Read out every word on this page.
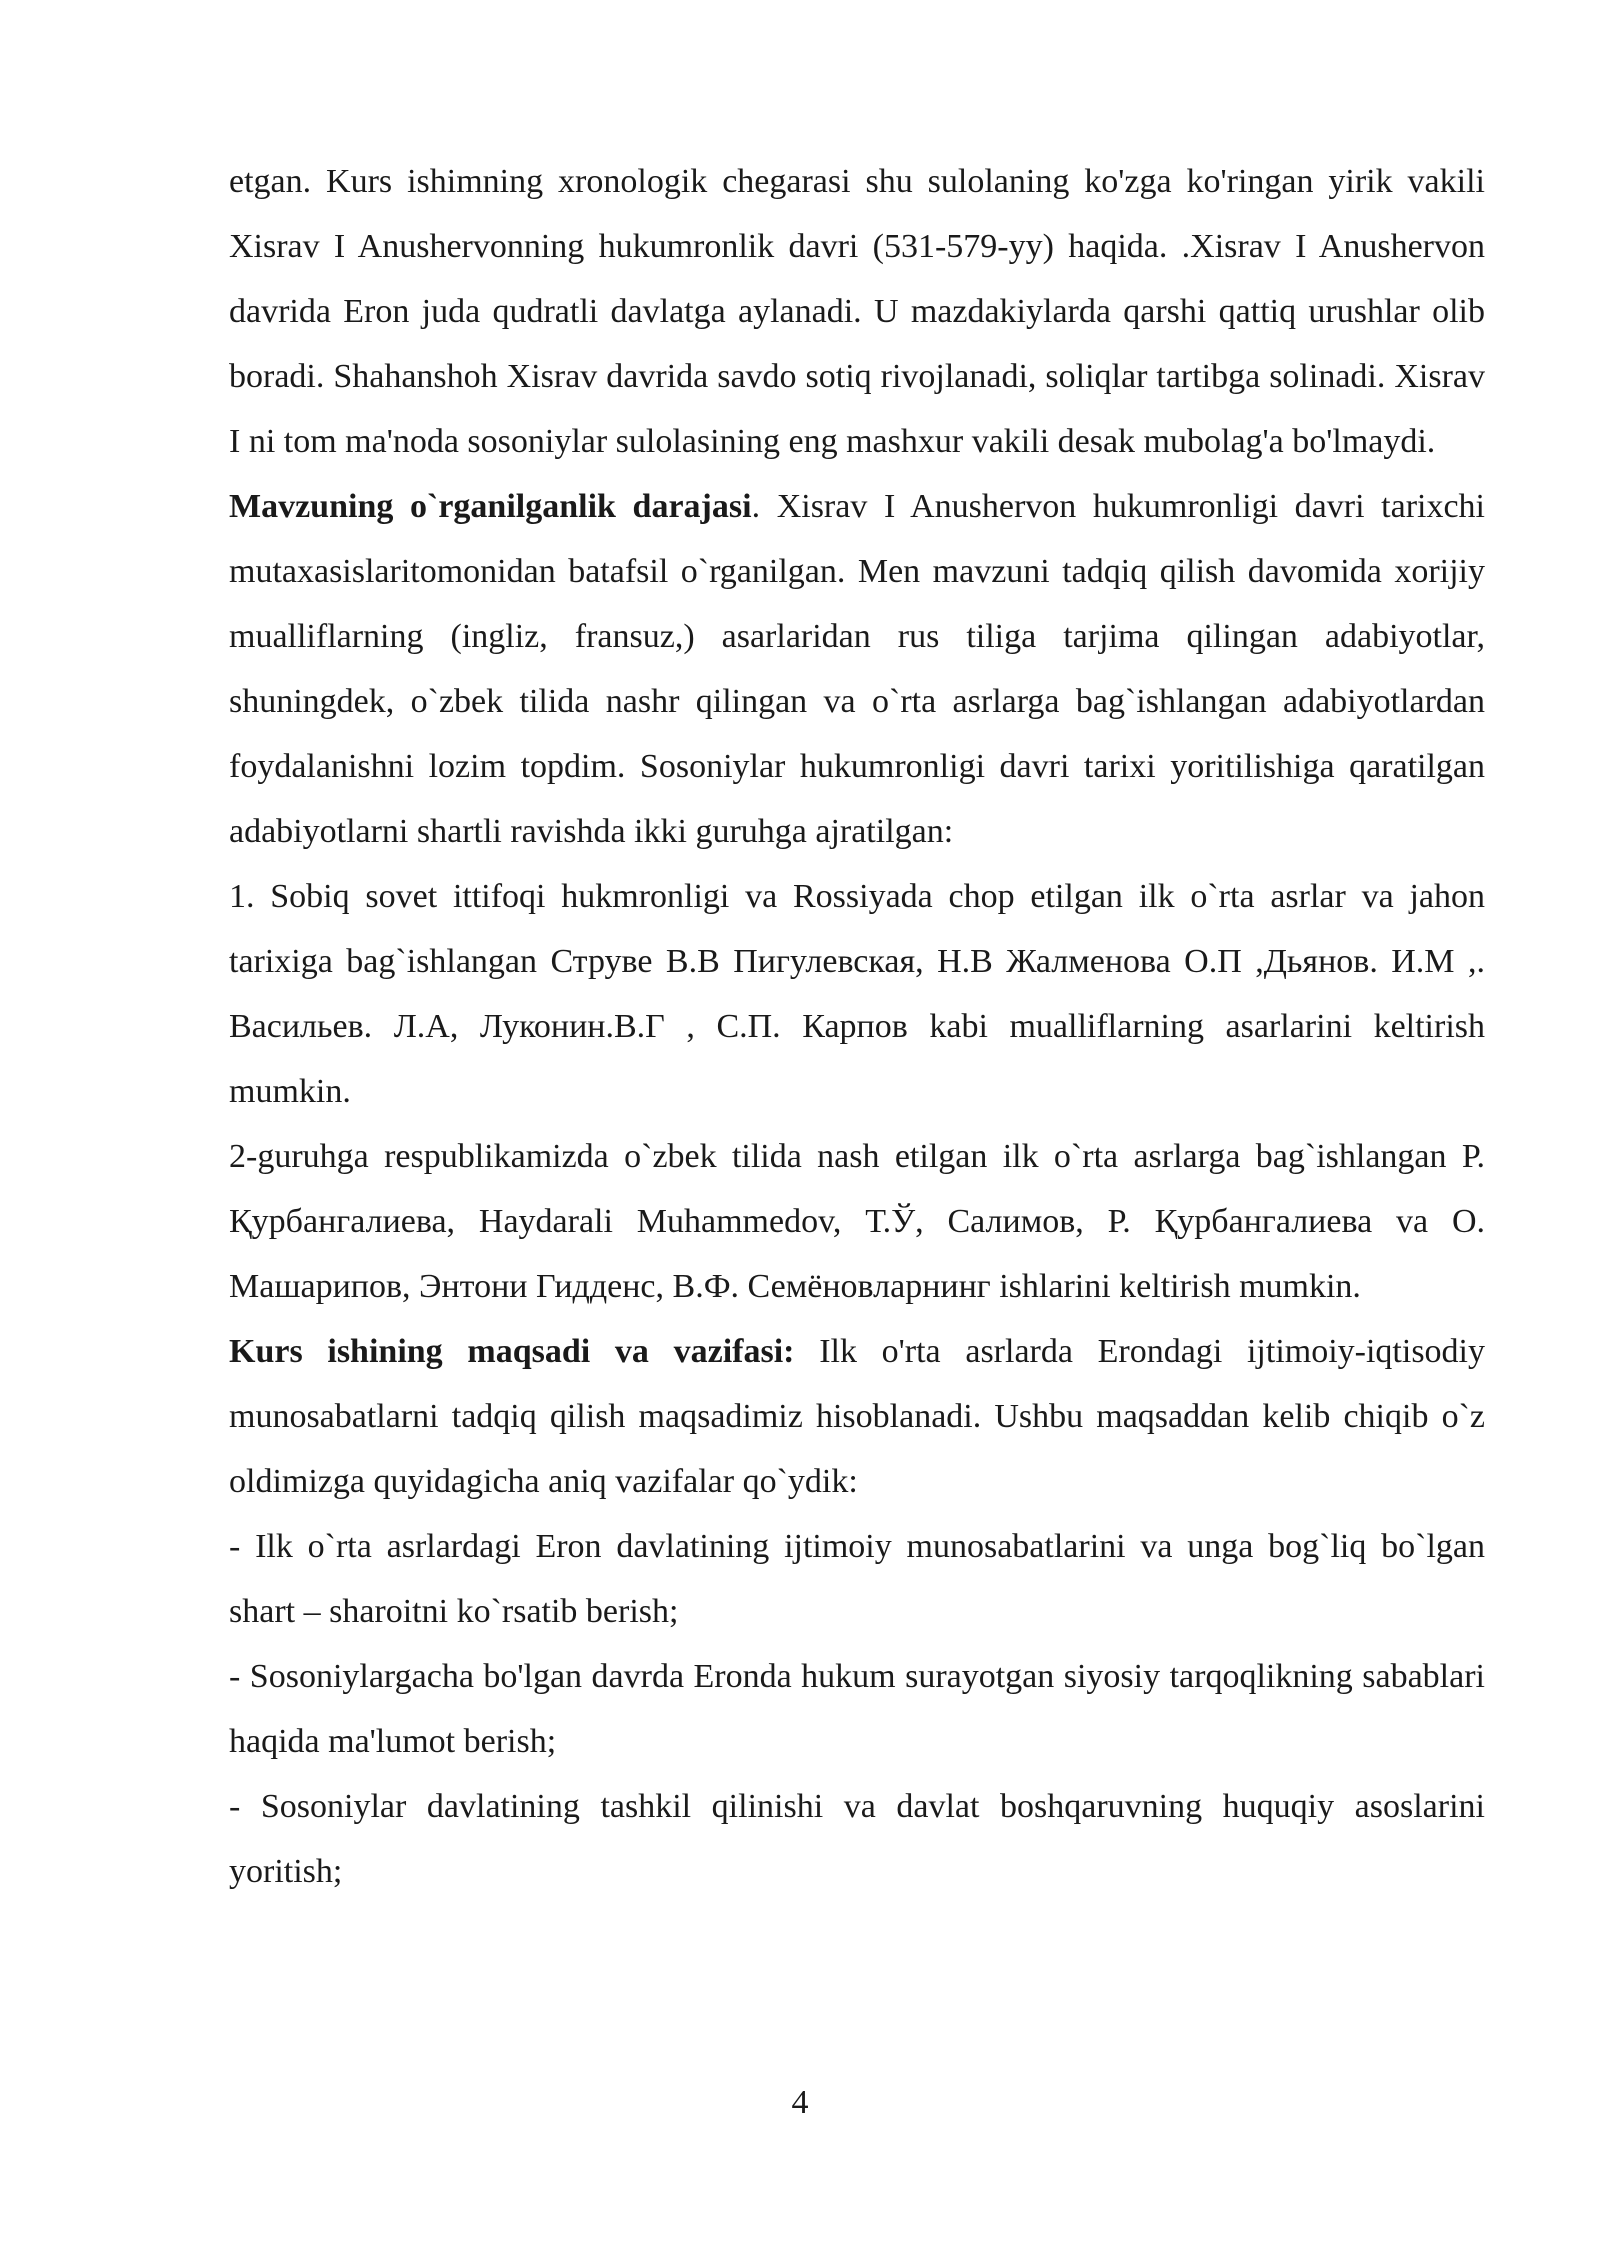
etgan. Kurs ishimning xronologik chegarasi shu sulolaning ko'zga ko'ringan yirik vakili Xisrav I Anushervonning hukumronlik davri (531-579-yy) haqida. .Xisrav I Anushervon davrida Eron juda qudratli davlatga aylanadi. U mazdakiylarda qarshi qattiq urushlar olib boradi. Shahanshoh Xisrav davrida savdo sotiq rivojlanadi, soliqlar tartibga solinadi. Xisrav I ni tom ma'noda sosoniylar sulolasining eng mashxur vakili desak mubolag'a bo'lmaydi.

Mavzuning o`rganilganlik darajasi. Xisrav I Anushervon hukumronligi davri tarixchi mutaxasislaritomonidan batafsil o`rganilgan. Men mavzuni tadqiq qilish davomida xorijiy mualliflarning (ingliz, fransuz,) asarlaridan rus tiliga tarjima qilingan adabiyotlar, shuningdek, o`zbek tilida nashr qilingan va o`rta asrlarga bag`ishlangan adabiyotlardan foydalanishni lozim topdim. Sosoniylar hukumronligi davri tarixi yoritilishiga qaratilgan adabiyotlarni shartli ravishda ikki guruhga ajratilgan:

1. Sobiq sovet ittifoqi hukmronligi va Rossiyada chop etilgan ilk o`rta asrlar va jahon tarixiga bag`ishlangan Струве В.В Пигулевская, Н.В Жалменова О.П ,Дьянов. И.М ,. Васильев. Л.А, Луконин.В.Г , С.П. Карпов kabi mualliflarning asarlarini keltirish mumkin.

2-guruhga respublikamizda o`zbek tilida nash etilgan ilk o`rta asrlarga bag`ishlangan Р. Қурбангалиева, Haydarali Muhammedov, Т.Ў, Салимов, Р. Қурбангалиева va О. Машарипов, Энтони Гидденс, В.Ф. Семёновларнинг ishlarini keltirish mumkin.

Kurs ishining maqsadi va vazifasi: Ilk o'rta asrlarda Erondagi ijtimoiy-iqtisodiy munosabatlarni tadqiq qilish maqsadimiz hisoblanadi. Ushbu maqsaddan kelib chiqib o`z oldimizga quyidagicha aniq vazifalar qo`ydik:

- Ilk o`rta asrlardagi Eron davlatining ijtimoiy munosabatlarini va unga bog`liq bo`lgan shart – sharoitni ko`rsatib berish;

- Sosoniylargacha bo'lgan davrda Eronda hukum surayotgan siyosiy tarqoqlikning sabablari haqida ma'lumot berish;

- Sosoniylar davlatining tashkil qilinishi va davlat boshqaruvning huquqiy asoslarini yoritish;

4
